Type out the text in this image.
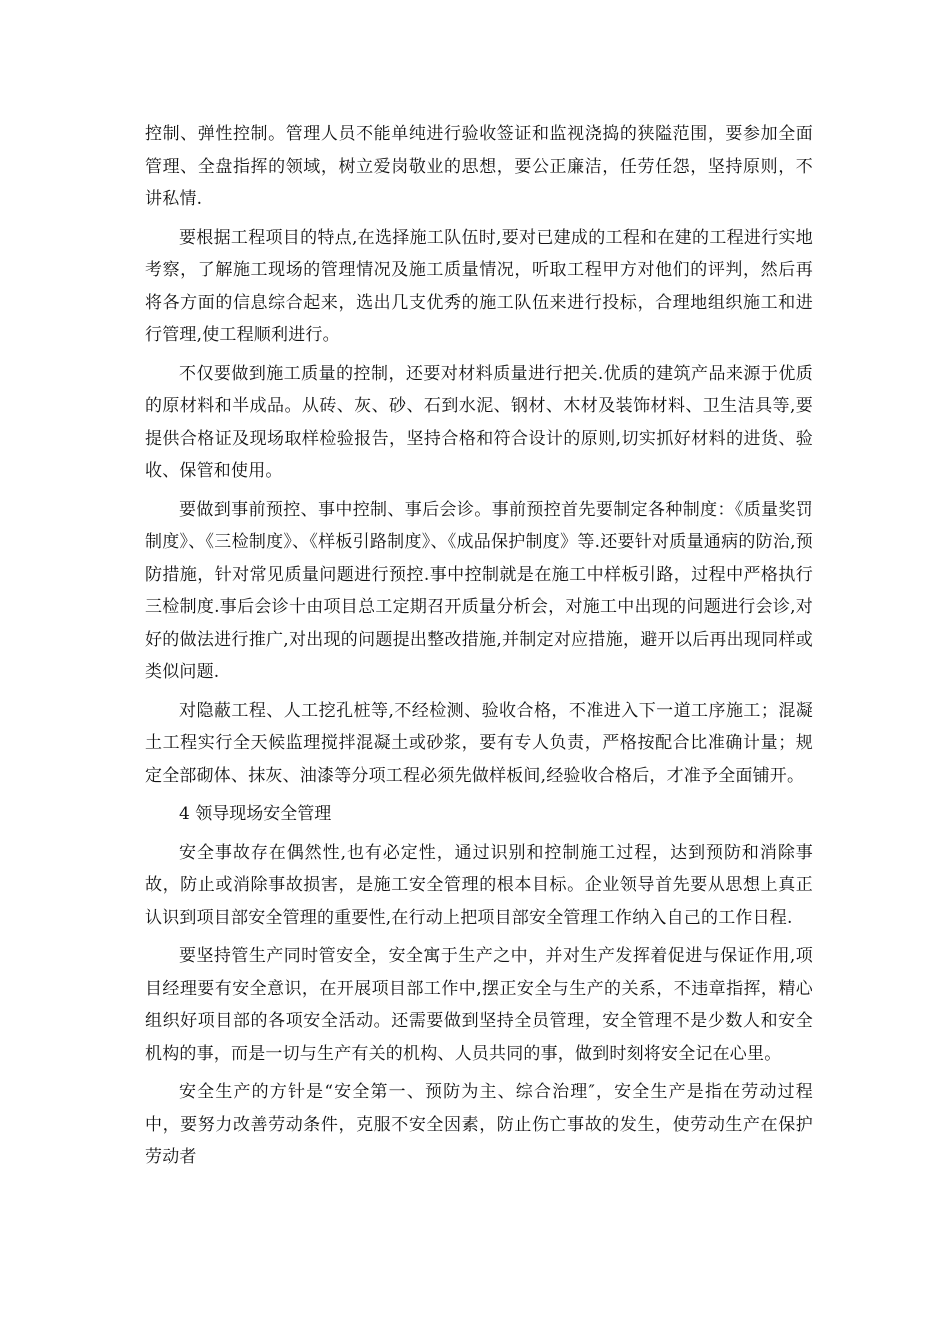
控制、弹性控制。管理人员不能单纯进行验收签证和监视浇捣的狭隘范围，要参加全面管理、全盘指挥的领域，树立爱岗敬业的思想，要公正廉洁，任劳任怨，坚持原则，不讲私情.

要根据工程项目的特点,在选择施工队伍时,要对已建成的工程和在建的工程进行实地考察，了解施工现场的管理情况及施工质量情况，听取工程甲方对他们的评判，然后再将各方面的信息综合起来，选出几支优秀的施工队伍来进行投标，合理地组织施工和进行管理,使工程顺利进行。

不仅要做到施工质量的控制，还要对材料质量进行把关.优质的建筑产品来源于优质的原材料和半成品。从砖、灰、砂、石到水泥、钢材、木材及装饰材料、卫生洁具等,要提供合格证及现场取样检验报告，坚持合格和符合设计的原则,切实抓好材料的进货、验收、保管和使用。

要做到事前预控、事中控制、事后会诊。事前预控首先要制定各种制度：《质量奖罚制度》、《三检制度》、《样板引路制度》、《成品保护制度》等.还要针对质量通病的防治,预防措施，针对常见质量问题进行预控.事中控制就是在施工中样板引路，过程中严格执行三检制度.事后会诊十由项目总工定期召开质量分析会，对施工中出现的问题进行会诊,对好的做法进行推广,对出现的问题提出整改措施,并制定对应措施，避开以后再出现同样或类似问题.

对隐蔽工程、人工挖孔桩等,不经检测、验收合格，不准进入下一道工序施工；混凝土工程实行全天候监理搅拌混凝土或砂浆，要有专人负责，严格按配合比准确计量；规定全部砌体、抹灰、油漆等分项工程必须先做样板间,经验收合格后，才准予全面铺开。

4 领导现场安全管理

安全事故存在偶然性,也有必定性，通过识别和控制施工过程，达到预防和消除事故，防止或消除事故损害，是施工安全管理的根本目标。企业领导首先要从思想上真正认识到项目部安全管理的重要性,在行动上把项目部安全管理工作纳入自己的工作日程.

要坚持管生产同时管安全，安全寓于生产之中，并对生产发挥着促进与保证作用,项目经理要有安全意识，在开展项目部工作中,摆正安全与生产的关系，不违章指挥，精心组织好项目部的各项安全活动。还需要做到坚持全员管理，安全管理不是少数人和安全机构的事，而是一切与生产有关的机构、人员共同的事，做到时刻将安全记在心里。

安全生产的方针是“安全第一、预防为主、综合治理″，安全生产是指在劳动过程中，要努力改善劳动条件，克服不安全因素，防止伤亡事故的发生，使劳动生产在保护劳动者
